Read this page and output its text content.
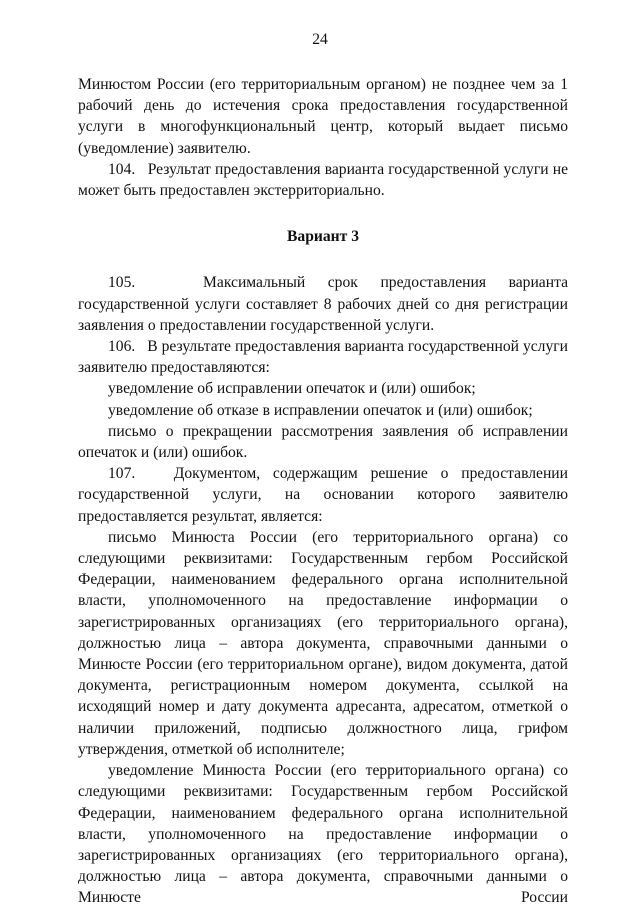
24

Минюстом России (его территориальным органом) не позднее чем за 1 рабочий день до истечения срока предоставления государственной услуги в многофункциональный центр, который выдает письмо (уведомление) заявителю.

104.   Результат предоставления варианта государственной услуги не может быть предоставлен экстерриториально.

Вариант 3

105.   Максимальный срок предоставления варианта государственной услуги составляет 8 рабочих дней со дня регистрации заявления о предоставлении государственной услуги.

106.   В результате предоставления варианта государственной услуги заявителю предоставляются:

уведомление об исправлении опечаток и (или) ошибок;

уведомление об отказе в исправлении опечаток и (или) ошибок;

письмо о прекращении рассмотрения заявления об исправлении опечаток и (или) ошибок.

107.   Документом, содержащим решение о предоставлении государственной услуги, на основании которого заявителю предоставляется результат, является:

письмо Минюста России (его территориального органа) со следующими реквизитами: Государственным гербом Российской Федерации, наименованием федерального органа исполнительной власти, уполномоченного на предоставление информации о зарегистрированных организациях (его территориального органа), должностью лица – автора документа, справочными данными о Минюсте России (его территориальном органе), видом документа, датой документа, регистрационным номером документа, ссылкой на исходящий номер и дату документа адресанта, адресатом, отметкой о наличии приложений, подписью должностного лица, грифом утверждения, отметкой об исполнителе;

уведомление Минюста России (его территориального органа) со следующими реквизитами: Государственным гербом Российской Федерации, наименованием федерального органа исполнительной власти, уполномоченного на предоставление информации о зарегистрированных организациях (его территориального органа), должностью лица – автора документа, справочными данными о Минюсте России
